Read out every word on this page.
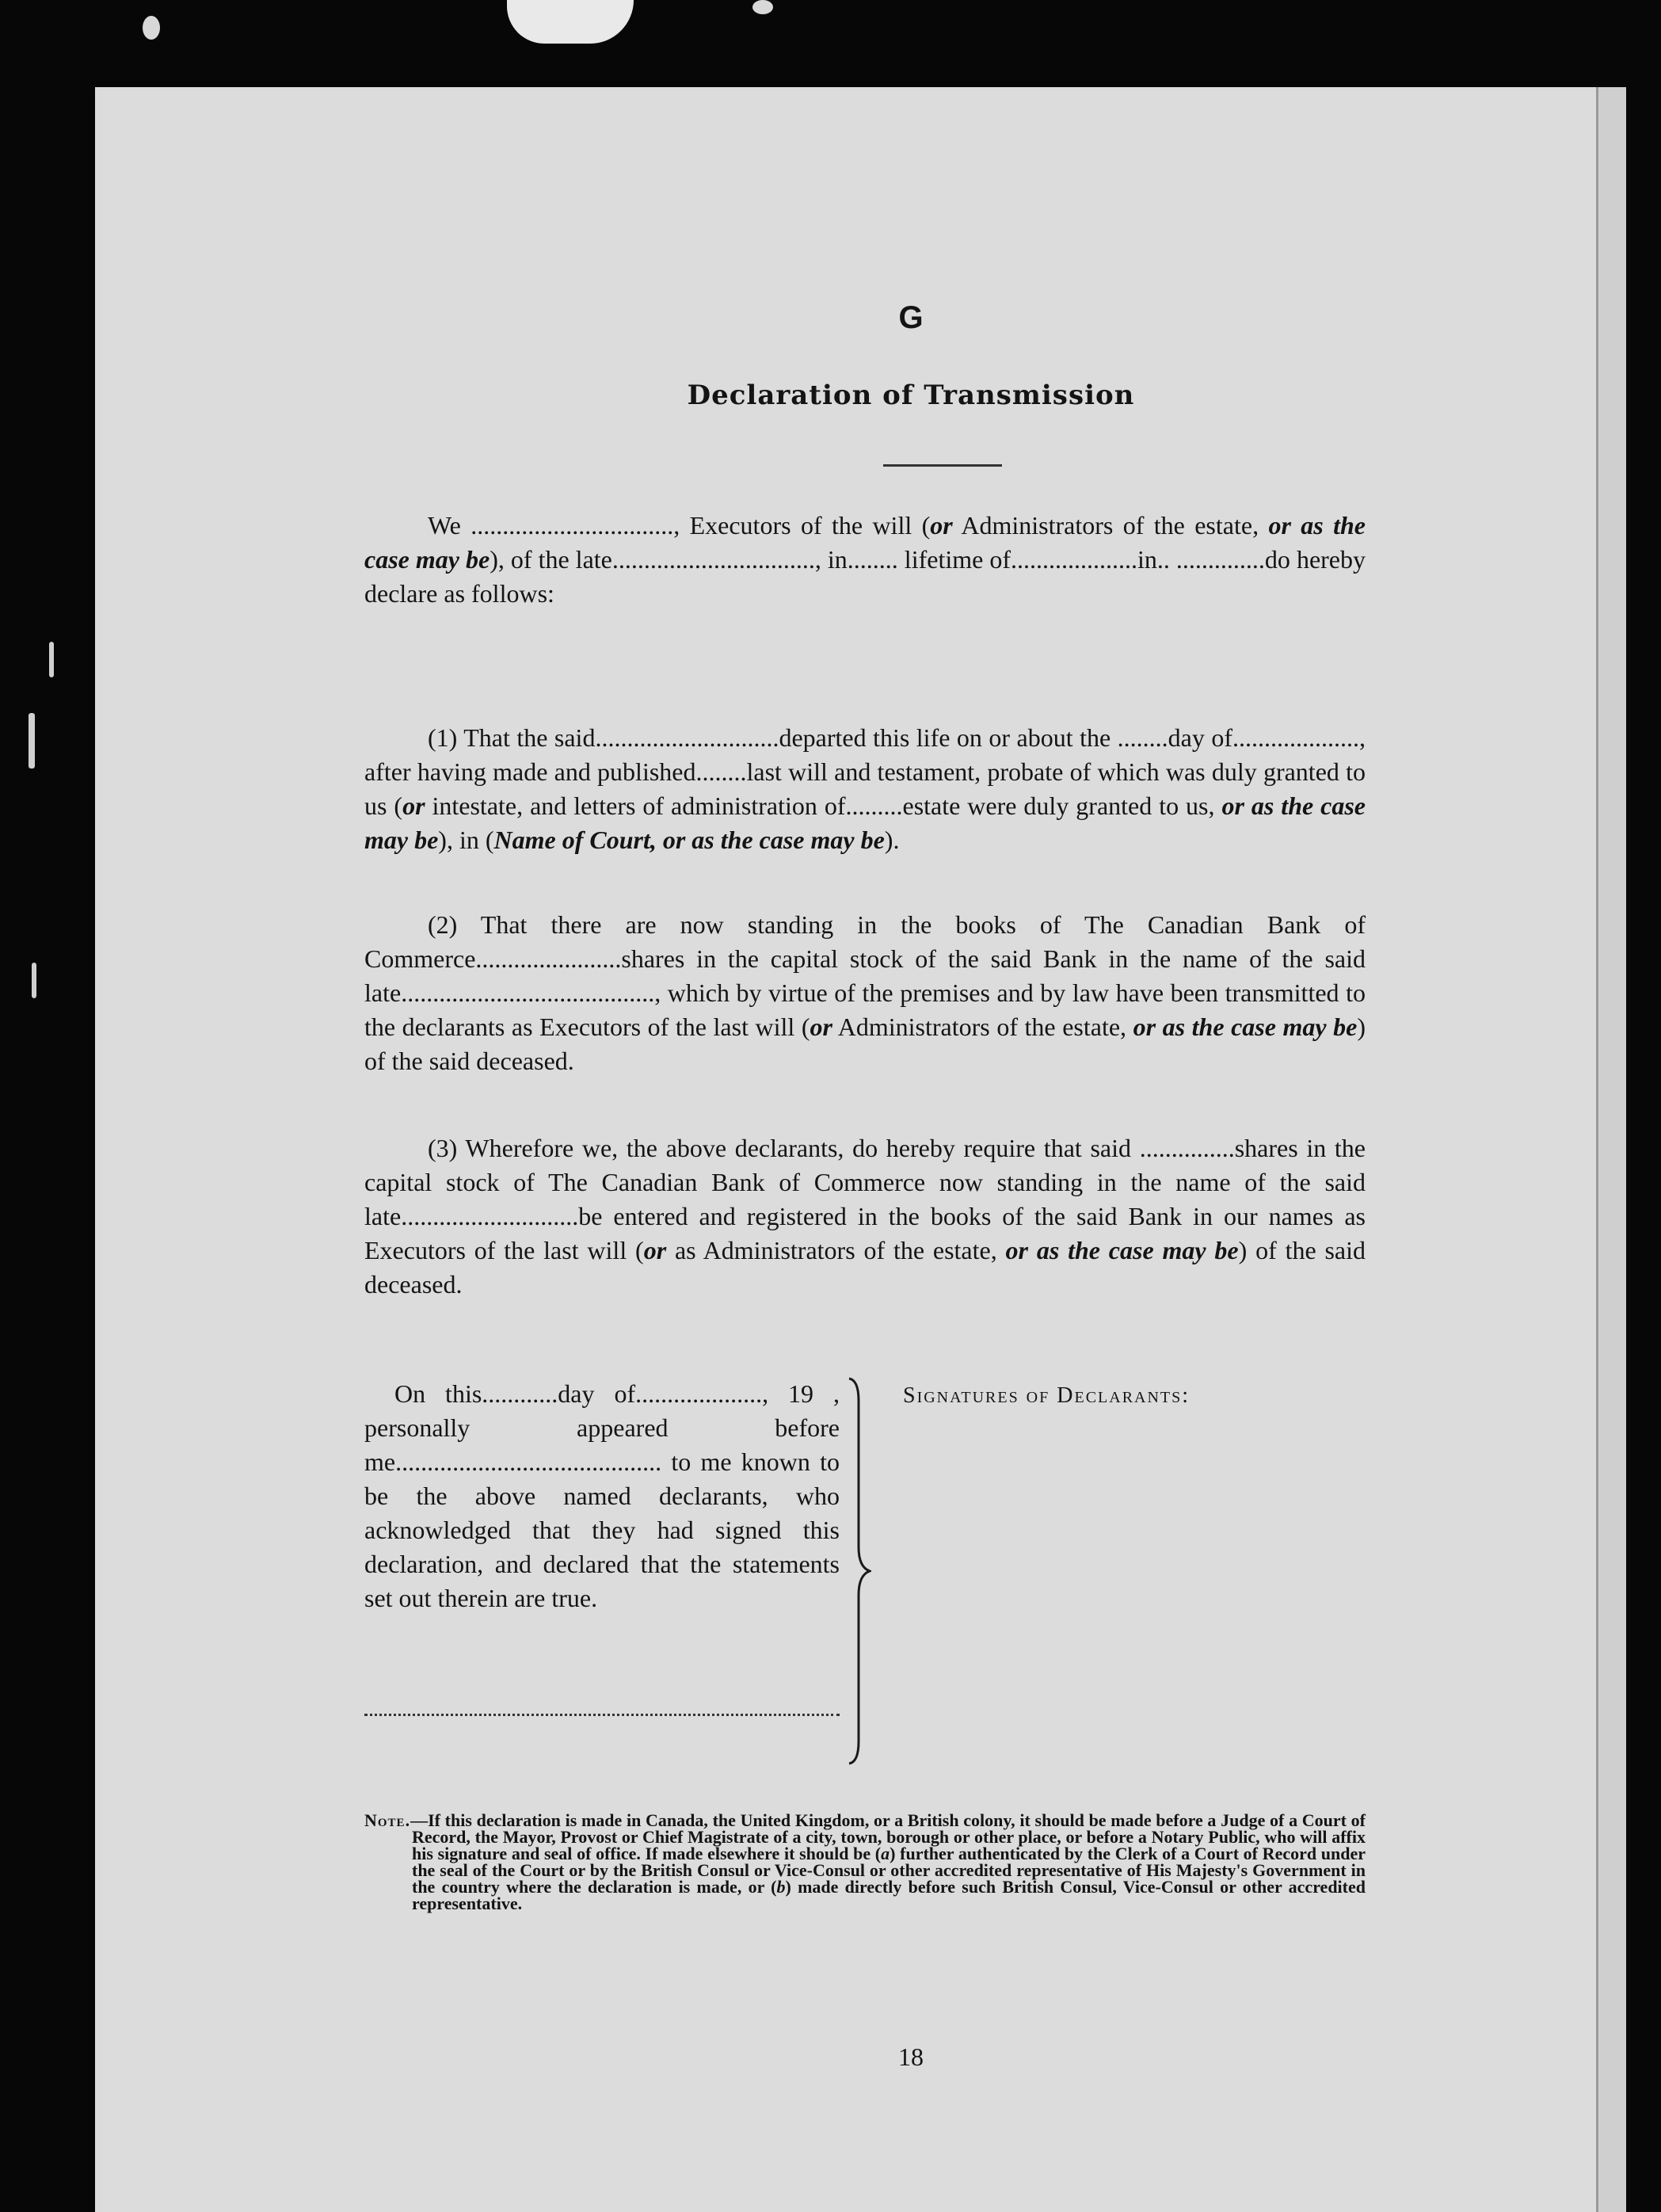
G
Declaration of Transmission

We ................................, Executors of the will (or Administrators of the estate, or as the case may be), of the late................................, in........ lifetime of....................in.. ..............do hereby declare as follows:

(1) That the said.............................departed this life on or about the ........day of...................., after having made and published........last will and testament, probate of which was duly granted to us (or intestate, and letters of administration of.........estate were duly granted to us, or as the case may be), in (Name of Court, or as the case may be).

(2) That there are now standing in the books of The Canadian Bank of Commerce.......................shares in the capital stock of the said Bank in the name of the said late........................................, which by virtue of the premises and by law have been transmitted to the declarants as Executors of the last will (or Administrators of the estate, or as the case may be) of the said deceased.

(3) Wherefore we, the above declarants, do hereby require that said ...............shares in the capital stock of The Canadian Bank of Commerce now standing in the name of the said late............................be entered and registered in the books of the said Bank in our names as Executors of the last will (or as Administrators of the estate, or as the case may be) of the said deceased.

On this............day of...................., 19 , personally appeared before me.......................................... to me known to be the above named declarants, who acknowledged that they had signed this declaration, and declared that the statements set out therein are true.

Signatures of Declarants:
Note.—If this declaration is made in Canada, the United Kingdom, or a British colony, it should be made before a Judge of a Court of Record, the Mayor, Provost or Chief Magistrate of a city, town, borough or other place, or before a Notary Public, who will affix his signature and seal of office. If made elsewhere it should be (a) further authenticated by the Clerk of a Court of Record under the seal of the Court or by the British Consul or Vice-Consul or other accredited representative of His Majesty's Government in the country where the declaration is made, or (b) made directly before such British Consul, Vice-Consul or other accredited representative.
18
